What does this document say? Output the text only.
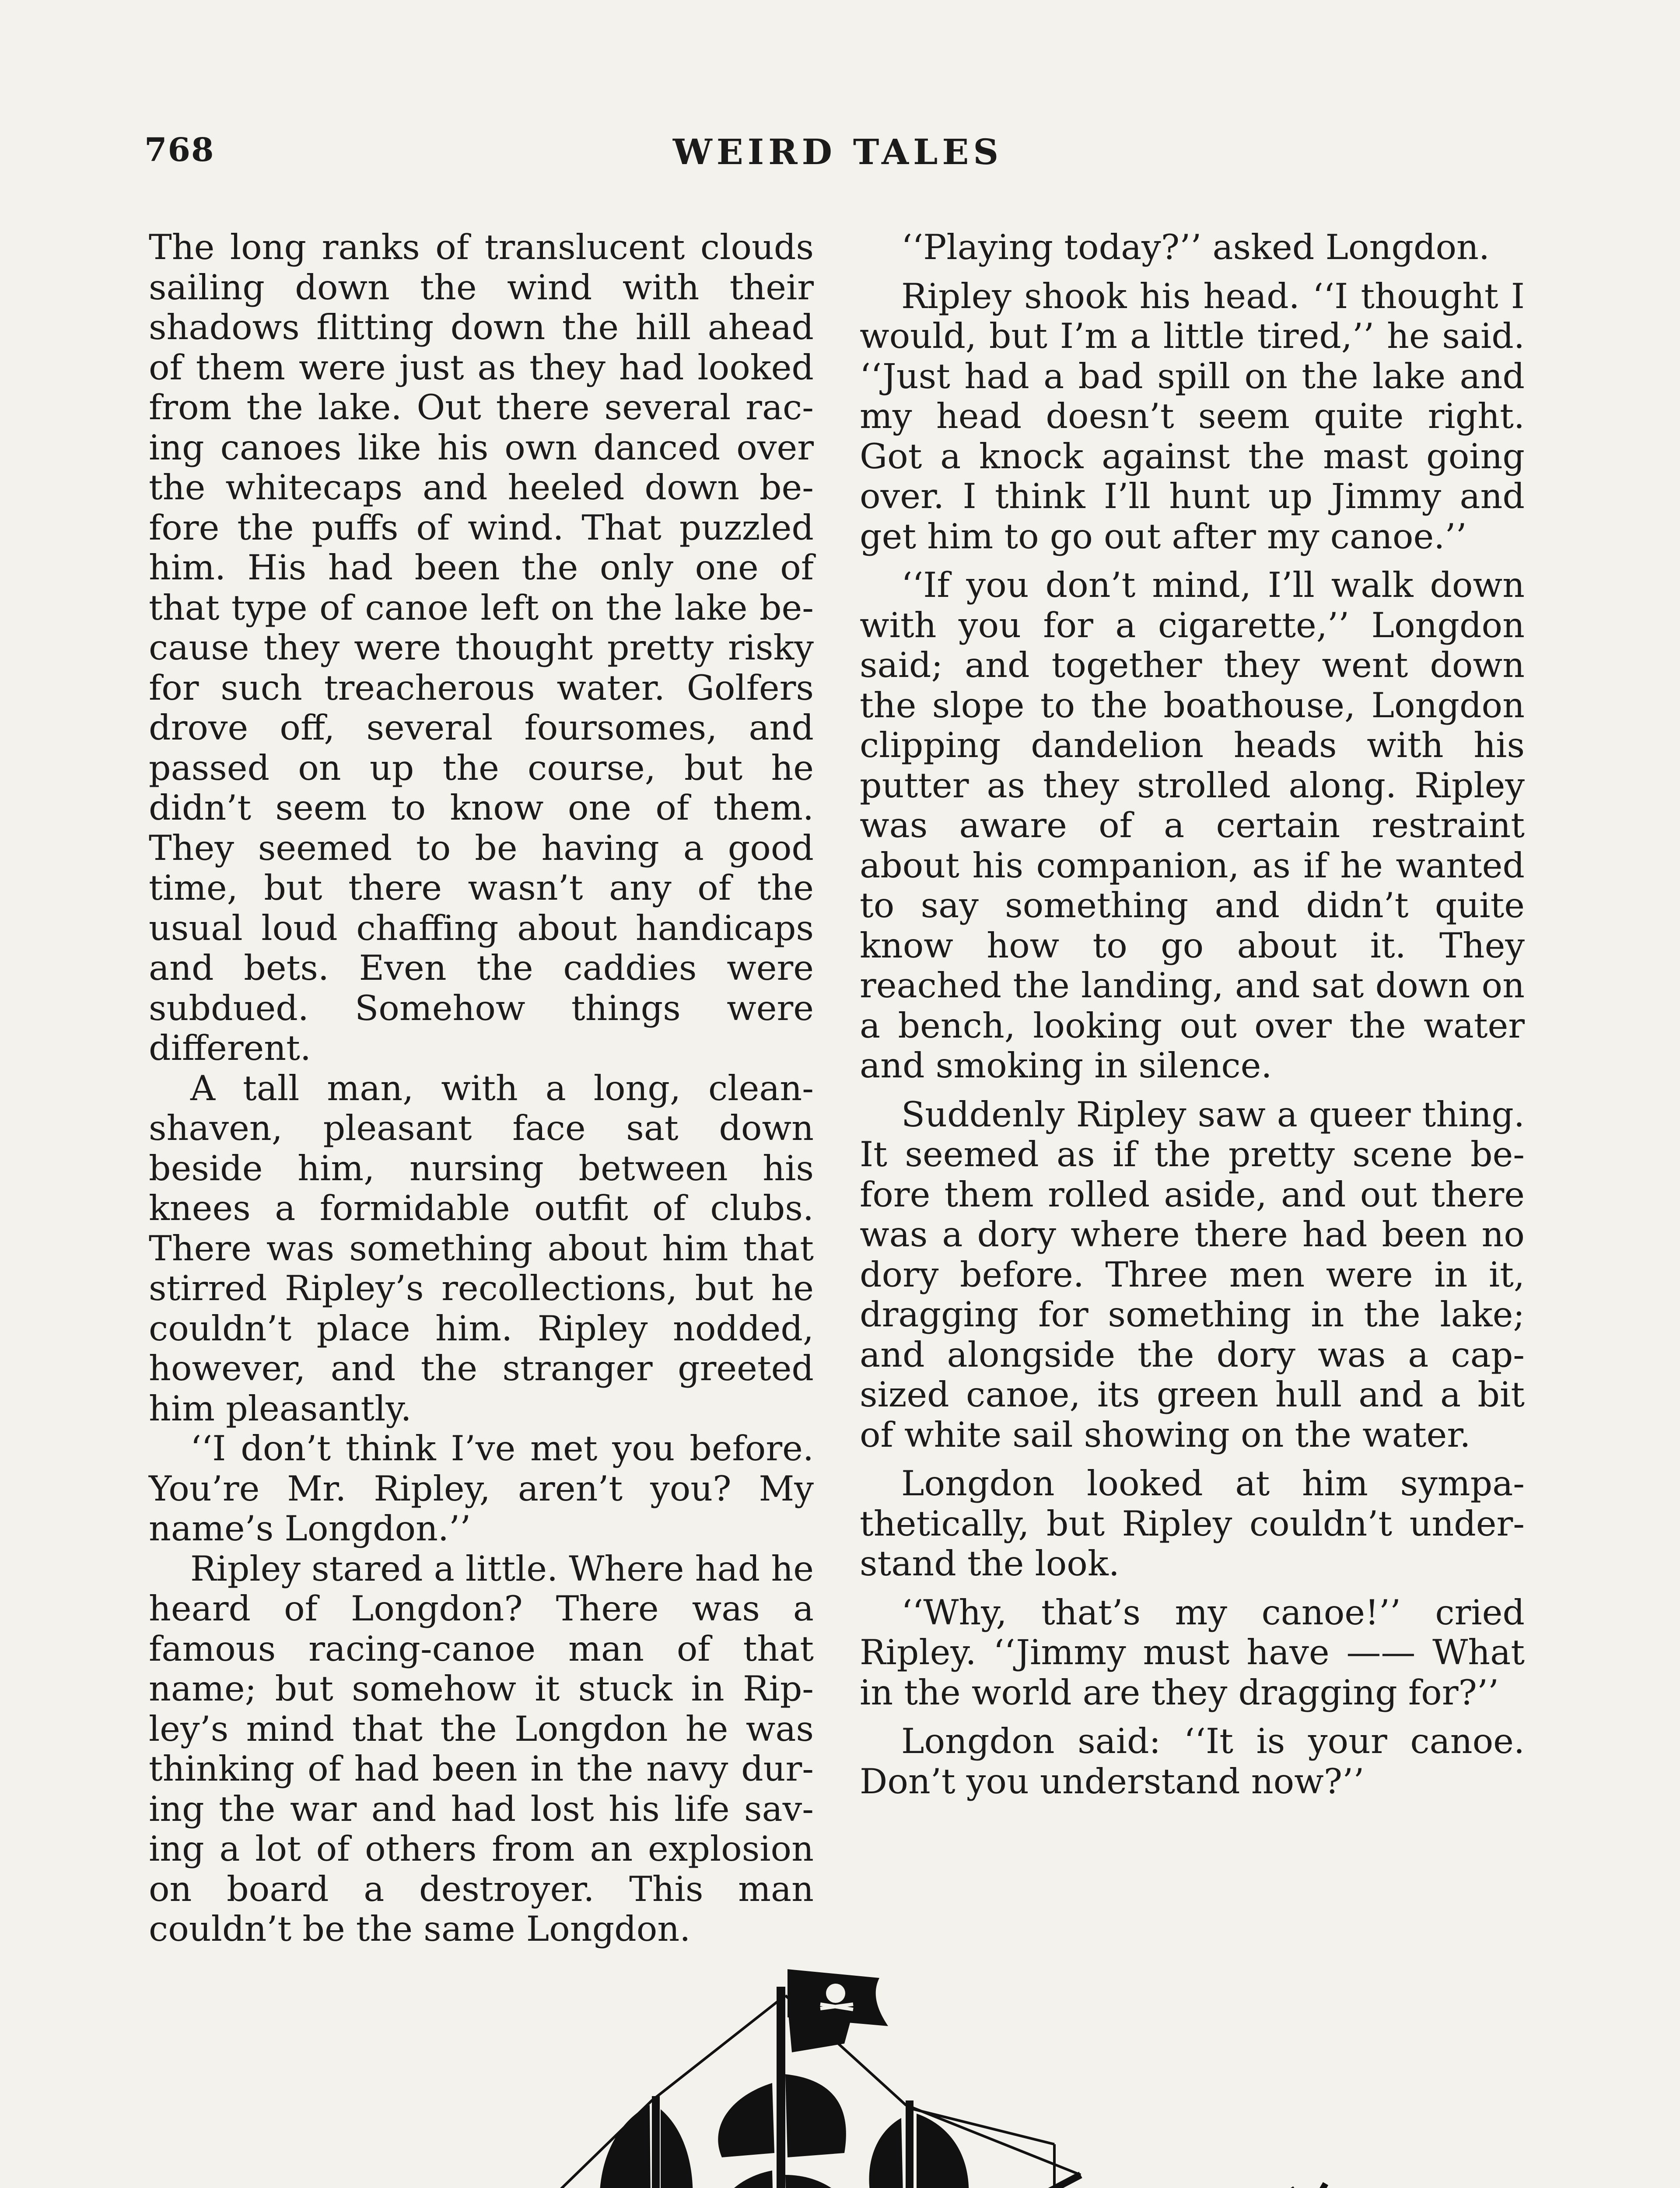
768	WEIRD TALES

The long ranks of translucent clouds sailing down the wind with their shadows flitting down the hill ahead of them were just as they had looked from the lake. Out there several racing canoes like his own danced over the whitecaps and heeled down before the puffs of wind. That puzzled him. His had been the only one of that type of canoe left on the lake because they were thought pretty risky for such treacherous water. Golfers drove off, several foursomes, and passed on up the course, but he didn’t seem to know one of them. They seemed to be having a good time, but there wasn’t any of the usual loud chaffing about handicaps and bets. Even the caddies were subdued. Somehow things were different.

A tall man, with a long, clean-shaven, pleasant face sat down beside him, nursing between his knees a formidable outfit of clubs. There was something about him that stirred Ripley’s recollections, but he couldn’t place him. Ripley nodded, however, and the stranger greeted him pleasantly.

‘‘I don’t think I’ve met you before. You’re Mr. Ripley, aren’t you? My name’s Longdon.’’

Ripley stared a little. Where had he heard of Longdon? There was a famous racing-canoe man of that name; but somehow it stuck in Ripley’s mind that the Longdon he was thinking of had been in the navy during the war and had lost his life saving a lot of others from an explosion on board a destroyer. This man couldn’t be the same Longdon.

‘‘Playing today?’’ asked Longdon.

Ripley shook his head. ‘‘I thought I would, but I’m a little tired,’’ he said. ‘‘Just had a bad spill on the lake and my head doesn’t seem quite right. Got a knock against the mast going over. I think I’ll hunt up Jimmy and get him to go out after my canoe.’’

‘‘If you don’t mind, I’ll walk down with you for a cigarette,’’ Longdon said; and together they went down the slope to the boathouse, Longdon clipping dandelion heads with his putter as they strolled along. Ripley was aware of a certain restraint about his companion, as if he wanted to say something and didn’t quite know how to go about it. They reached the landing, and sat down on a bench, looking out over the water and smoking in silence.

Suddenly Ripley saw a queer thing. It seemed as if the pretty scene before them rolled aside, and out there was a dory where there had been no dory before. Three men were in it, dragging for something in the lake; and alongside the dory was a capsized canoe, its green hull and a bit of white sail showing on the water.

Longdon looked at him sympathetically, but Ripley couldn’t understand the look.

‘‘Why, that’s my canoe!’’ cried Ripley. ‘‘Jimmy must have —— What in the world are they dragging for?’’

Longdon said: ‘‘It is your canoe. Don’t you understand now?’’
